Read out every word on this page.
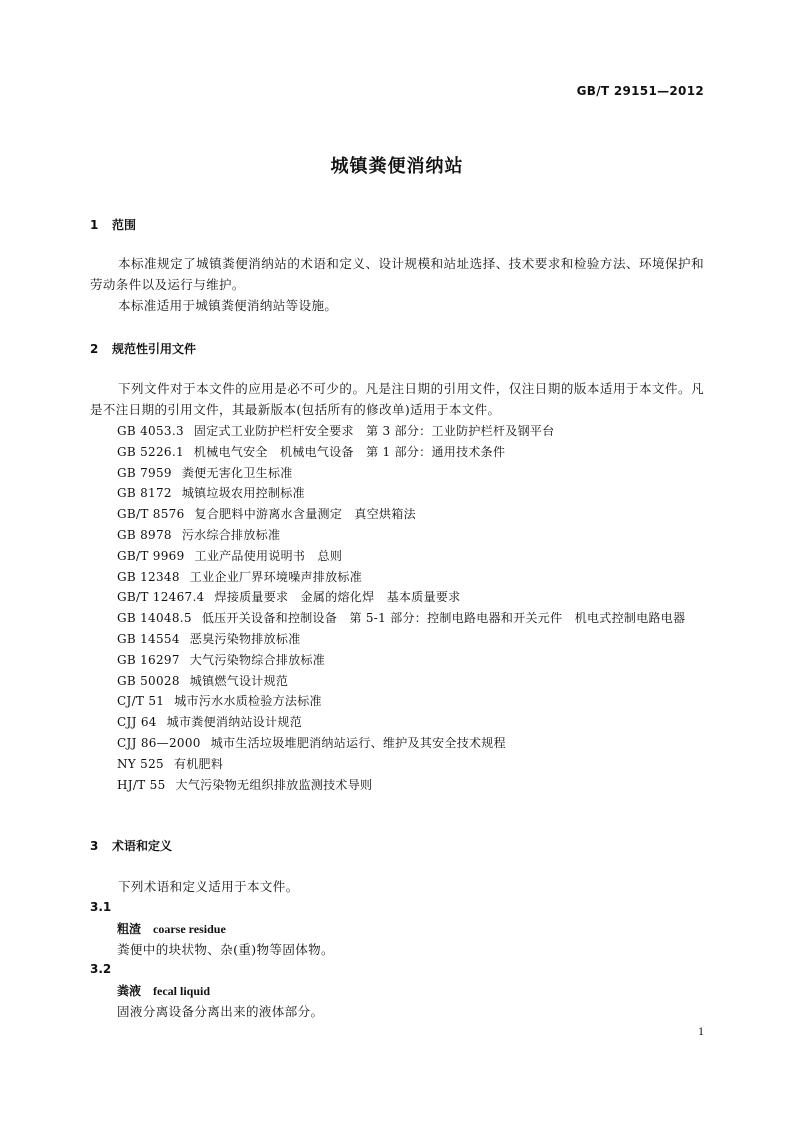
GB/T 29151—2012
城镇粪便消纳站
1 范围
本标准规定了城镇粪便消纳站的术语和定义、设计规模和站址选择、技术要求和检验方法、环境保护和劳动条件以及运行与维护。
本标准适用于城镇粪便消纳站等设施。
2 规范性引用文件
下列文件对于本文件的应用是必不可少的。凡是注日期的引用文件，仅注日期的版本适用于本文件。凡是不注日期的引用文件，其最新版本(包括所有的修改单)适用于本文件。
GB 4053.3 固定式工业防护栏杆安全要求　第 3 部分：工业防护栏杆及钢平台
GB 5226.1 机械电气安全　机械电气设备　第 1 部分：通用技术条件
GB 7959 粪便无害化卫生标准
GB 8172 城镇垃圾农用控制标准
GB/T 8576 复合肥料中游离水含量测定　真空烘箱法
GB 8978 污水综合排放标准
GB/T 9969 工业产品使用说明书　总则
GB 12348 工业企业厂界环境噪声排放标准
GB/T 12467.4 焊接质量要求　金属的熔化焊　基本质量要求
GB 14048.5 低压开关设备和控制设备　第 5-1 部分：控制电路电器和开关元件　机电式控制电路电器
GB 14554 恶臭污染物排放标准
GB 16297 大气污染物综合排放标准
GB 50028 城镇燃气设计规范
CJ/T 51 城市污水水质检验方法标准
CJJ 64 城市粪便消纳站设计规范
CJJ 86—2000 城市生活垃圾堆肥消纳站运行、维护及其安全技术规程
NY 525 有机肥料
HJ/T 55 大气污染物无组织排放监测技术导则
3 术语和定义
下列术语和定义适用于本文件。
3.1
粗渣 coarse residue
粪便中的块状物、杂(重)物等固体物。
3.2
粪液 fecal liquid
固液分离设备分离出来的液体部分。
1
